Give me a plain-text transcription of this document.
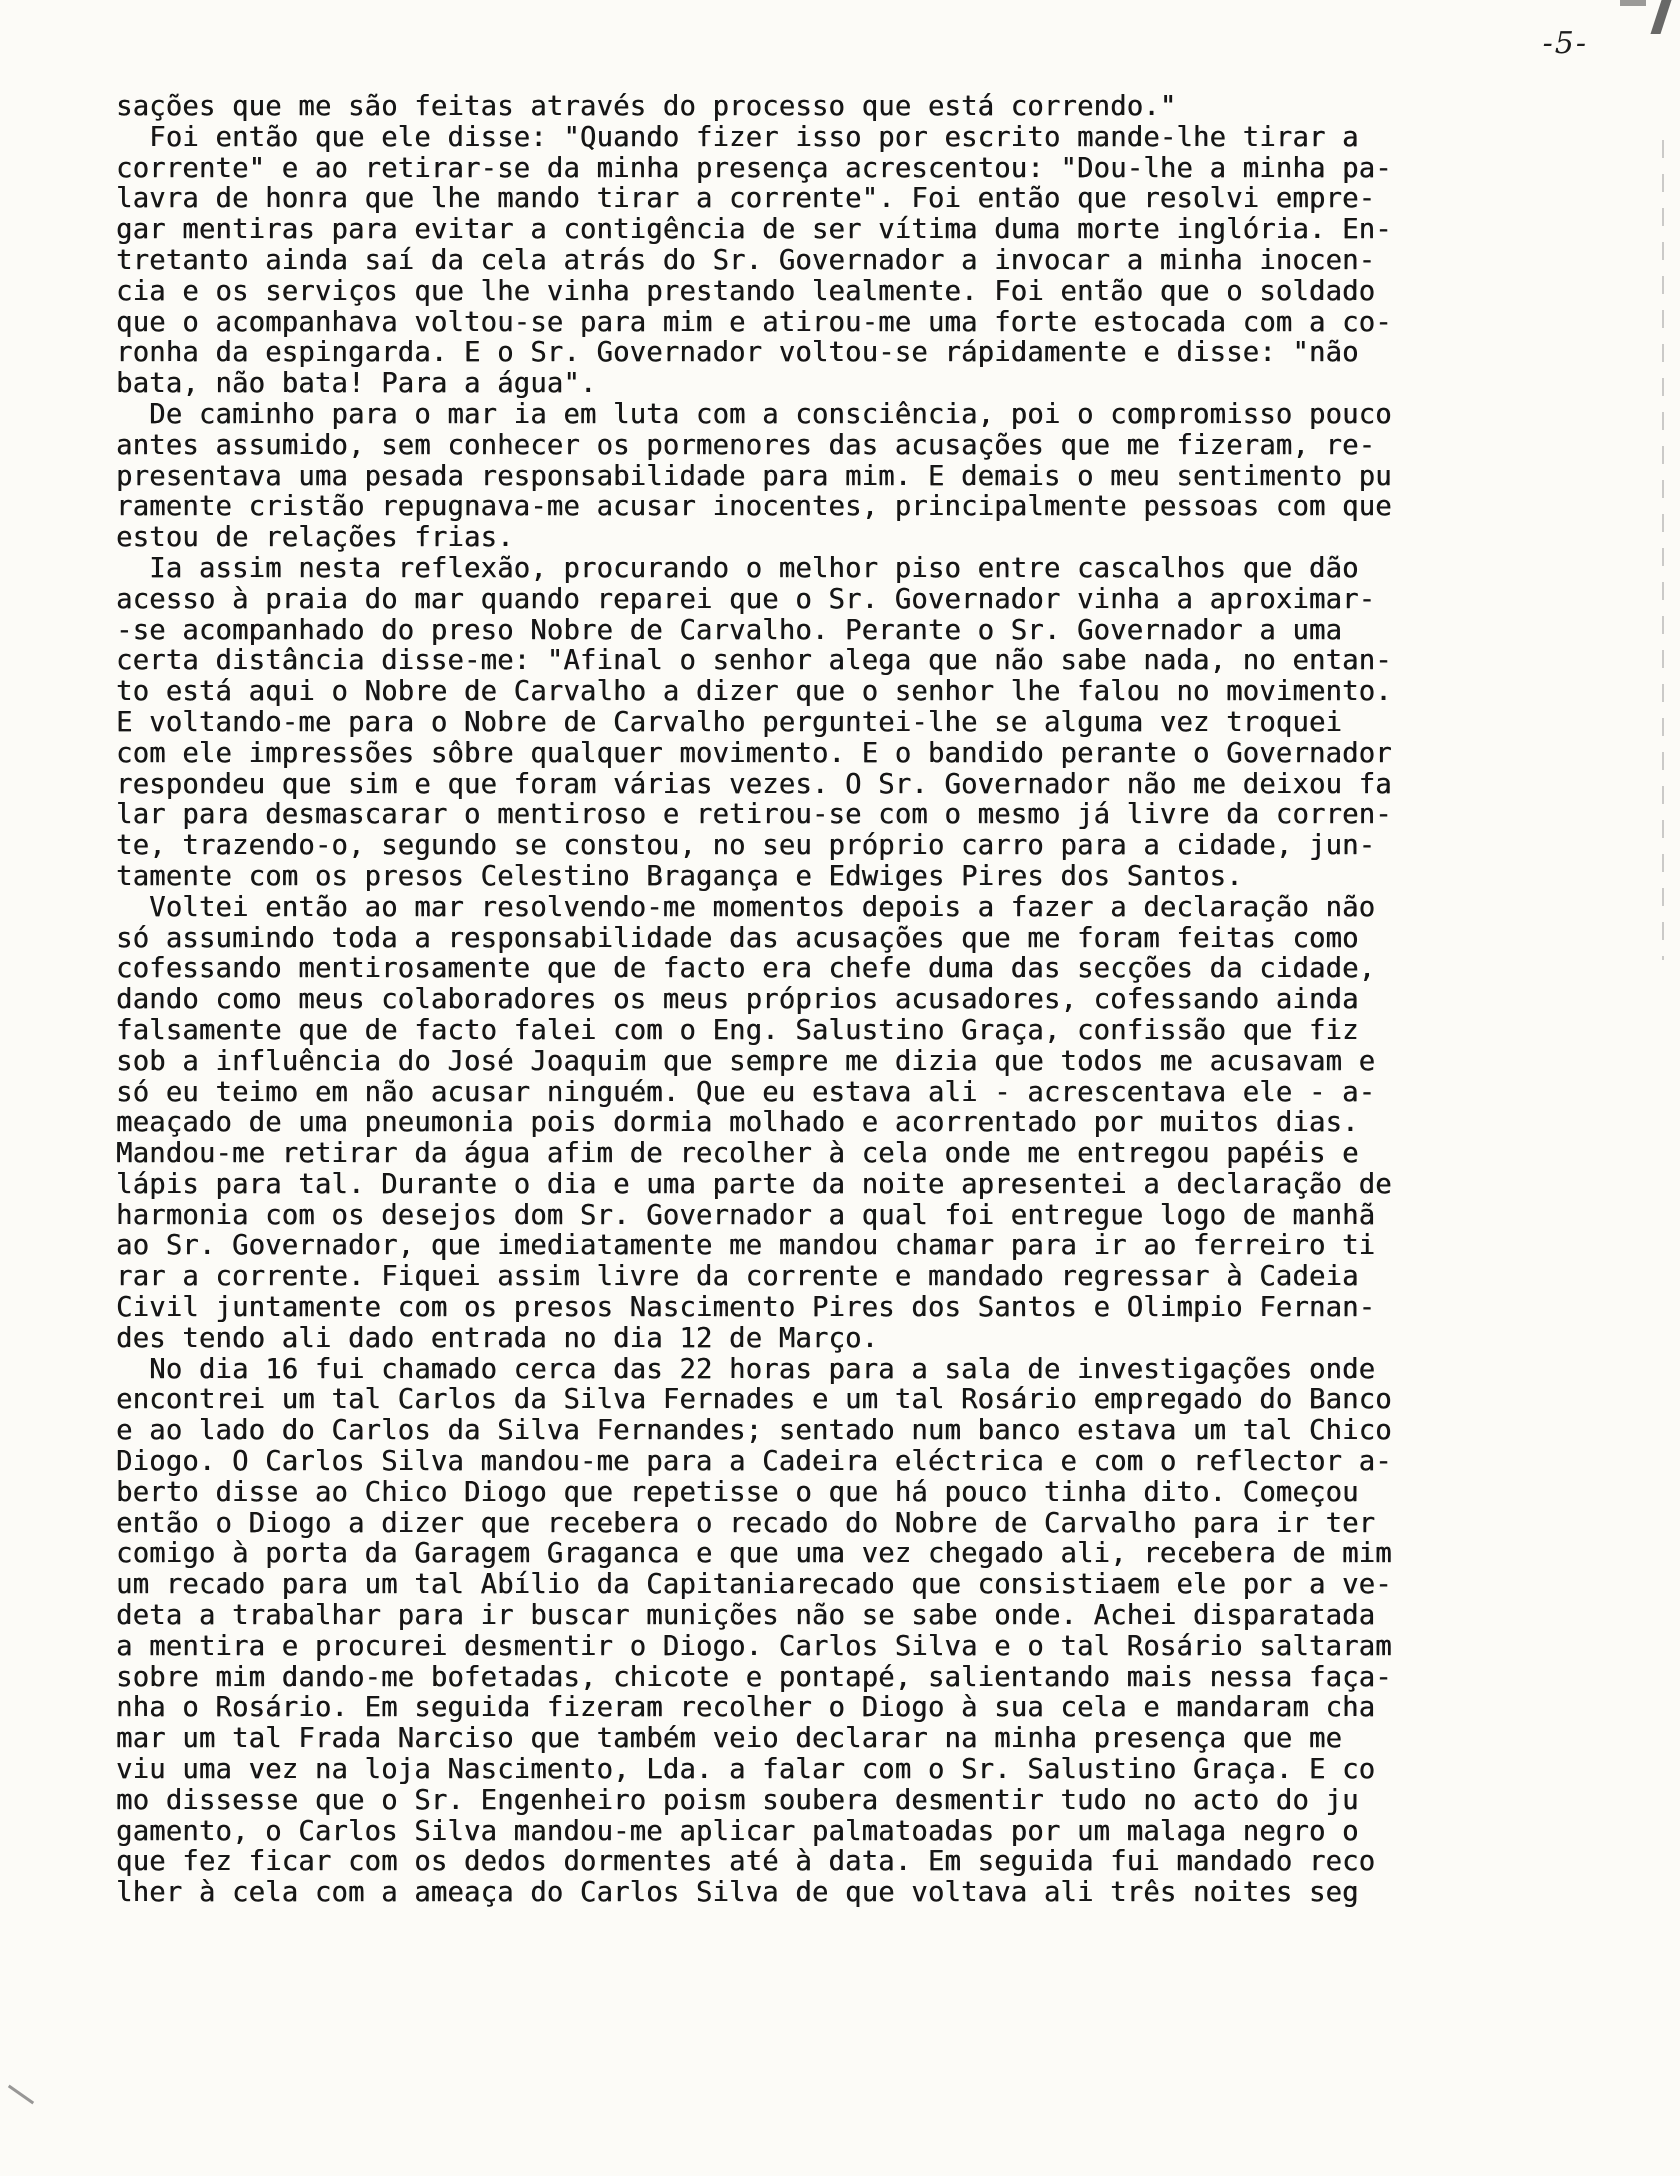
-5-
sações que me são feitas através do processo que está correndo."
Foi então que ele disse: "Quando fizer isso por escrito mande-lhe tirar a
corrente" e ao retirar-se da minha presença acrescentou: "Dou-lhe a minha pa-
lavra de honra que lhe mando tirar a corrente". Foi então que resolvi empre-
gar mentiras para evitar a contigência de ser vítima duma morte inglória. En-
tretanto ainda saí da cela atrás do Sr. Governador a invocar a minha inocen-
cia e os serviços que lhe vinha prestando lealmente. Foi então que o soldado
que o acompanhava voltou-se para mim e atirou-me uma forte estocada com a co-
ronha da espingarda. E o Sr. Governador voltou-se rápidamente e disse: "não
bata, não bata! Para a água".
De caminho para o mar ia em luta com a consciência, poi o compromisso pouco
antes assumido, sem conhecer os pormenores das acusações que me fizeram, re-
presentava uma pesada responsabilidade para mim. E demais o meu sentimento pu
ramente cristão repugnava-me acusar inocentes, principalmente pessoas com que
estou de relações frias.
Ia assim nesta reflexão, procurando o melhor piso entre cascalhos que dão
acesso à praia do mar quando reparei que o Sr. Governador vinha a aproximar-
-se acompanhado do preso Nobre de Carvalho. Perante o Sr. Governador a uma
certa distância disse-me: "Afinal o senhor alega que não sabe nada, no entan-
to está aqui o Nobre de Carvalho a dizer que o senhor lhe falou no movimento.
E voltando-me para o Nobre de Carvalho perguntei-lhe se alguma vez troquei
com ele impressões sôbre qualquer movimento. E o bandido perante o Governador
respondeu que sim e que foram várias vezes. O Sr. Governador não me deixou fa
lar para desmascarar o mentiroso e retirou-se com o mesmo já livre da corren-
te, trazendo-o, segundo se constou, no seu próprio carro para a cidade, jun-
tamente com os presos Celestino Bragança e Edwiges Pires dos Santos.
Voltei então ao mar resolvendo-me momentos depois a fazer a declaração não
só assumindo toda a responsabilidade das acusações que me foram feitas como
cofessando mentirosamente que de facto era chefe duma das secções da cidade,
dando como meus colaboradores os meus próprios acusadores, cofessando ainda
falsamente que de facto falei com o Eng. Salustino Graça, confissão que fiz
sob a influência do José Joaquim que sempre me dizia que todos me acusavam e
só eu teimo em não acusar ninguém. Que eu estava ali - acrescentava ele - a-
meaçado de uma pneumonia pois dormia molhado e acorrentado por muitos dias.
Mandou-me retirar da água afim de recolher à cela onde me entregou papéis e
lápis para tal. Durante o dia e uma parte da noite apresentei a declaração de
harmonia com os desejos dom Sr. Governador a qual foi entregue logo de manhã
ao Sr. Governador, que imediatamente me mandou chamar para ir ao ferreiro ti
rar a corrente. Fiquei assim livre da corrente e mandado regressar à Cadeia
Civil juntamente com os presos Nascimento Pires dos Santos e Olimpio Fernan-
des tendo ali dado entrada no dia 12 de Março.
No dia 16 fui chamado cerca das 22 horas para a sala de investigações onde
encontrei um tal Carlos da Silva Fernades e um tal Rosário empregado do Banco
e ao lado do Carlos da Silva Fernandes; sentado num banco estava um tal Chico
Diogo. O Carlos Silva mandou-me para a Cadeira eléctrica e com o reflector a-
berto disse ao Chico Diogo que repetisse o que há pouco tinha dito. Começou
então o Diogo a dizer que recebera o recado do Nobre de Carvalho para ir ter
comigo à porta da Garagem Graganca e que uma vez chegado ali, recebera de mim
um recado para um tal Abílio da Capitaniarecado que consistiaem ele por a ve-
deta a trabalhar para ir buscar munições não se sabe onde. Achei disparatada
a mentira e procurei desmentir o Diogo. Carlos Silva e o tal Rosário saltaram
sobre mim dando-me bofetadas, chicote e pontapé, salientando mais nessa faça-
nha o Rosário. Em seguida fizeram recolher o Diogo à sua cela e mandaram cha
mar um tal Frada Narciso que também veio declarar na minha presença que me
viu uma vez na loja Nascimento, Lda. a falar com o Sr. Salustino Graça. E co
mo dissesse que o Sr. Engenheiro poism soubera desmentir tudo no acto do ju
gamento, o Carlos Silva mandou-me aplicar palmatoadas por um malaga negro o
que fez ficar com os dedos dormentes até à data. Em seguida fui mandado reco
lher à cela com a ameaça do Carlos Silva de que voltava ali três noites seg
